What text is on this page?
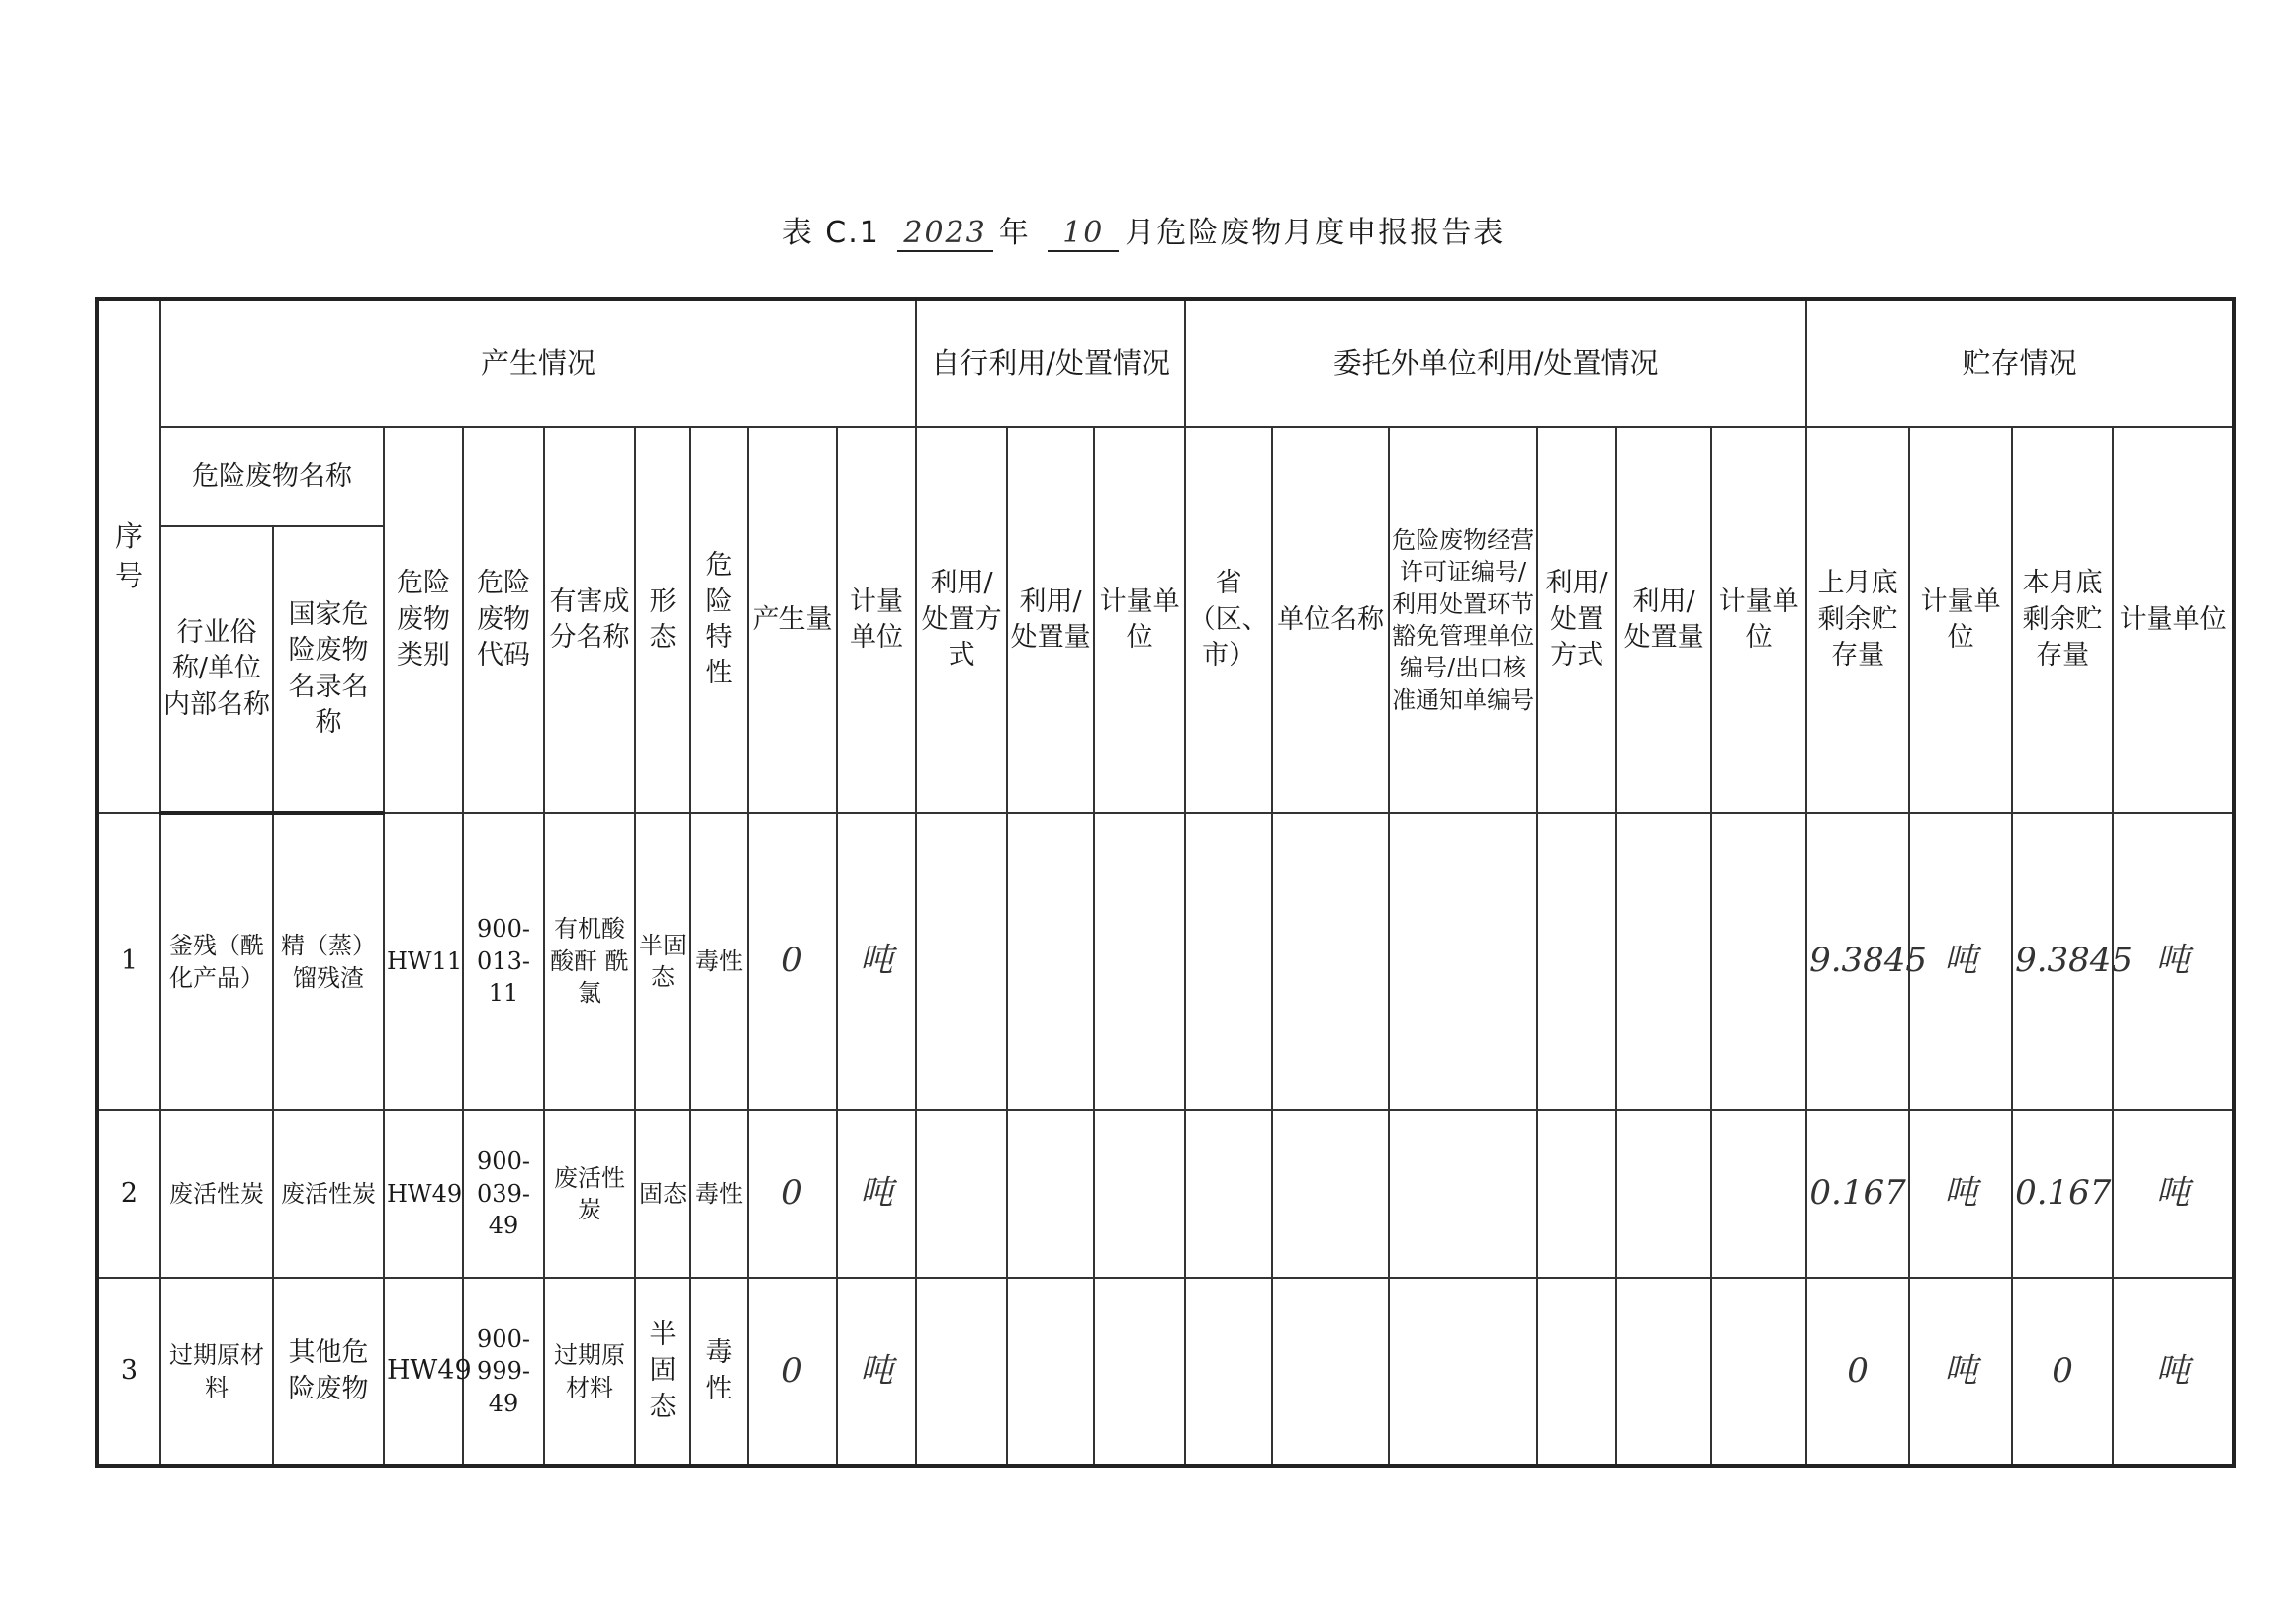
表 C.1 2023 年 10 月危险废物月度申报报告表
序号	产生情况									自行利用/处置情况			委托外单位利用/处置情况						贮存情况			
	危险废物名称		危险废物类别	危险废物代码	有害成分名称	形态	危险特性	产生量	计量单位	利用/处置方式	利用/处置量	计量单位	省（区、市）	单位名称	危险废物经营许可证编号/利用处置环节豁免管理单位编号/出口核准通知单编号	利用/处置方式	利用/处置量	计量单位	上月底剩余贮存量	计量单位	本月底剩余贮存量	计量单位
	行业俗称/单位内部名称	国家危险废物名录名称																				
1	釜残（酰化产品）	精（蒸）馏残渣	HW11	900-013-11	有机酸 酸酐 酰氯	半固态	毒性	0	吨										9.3845	吨	9.3845	吨
2	废活性炭	废活性炭	HW49	900-039-49	废活性炭	固态	毒性	0	吨										0.167	吨	0.167	吨
3	过期原材料	其他危险废物	HW49	900-999-49	过期原材料	半固态	毒性	0	吨										0	吨	0	吨
